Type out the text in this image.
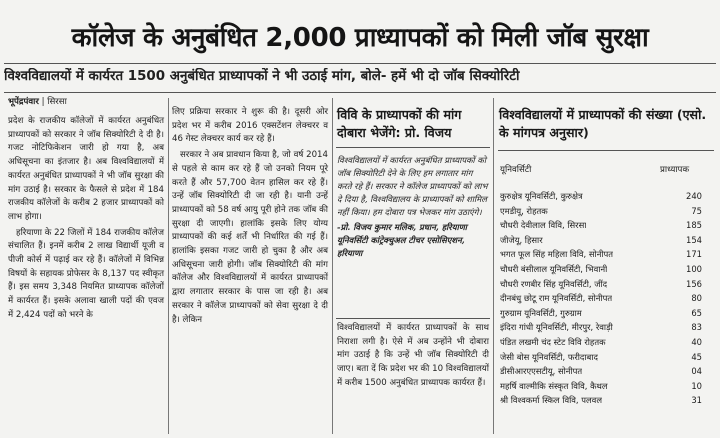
कॉलेज के अनुबंधित 2,000 प्राध्यापकों को मिली जॉब सुरक्षा
विश्वविद्यालयों में कार्यरत 1500 अनुबंधित प्राध्यापकों ने भी उठाई मांग, बोले- हमें भी दो जॉब सिक्योरिटी
भूपेंद्रपंवार | सिरसा

प्रदेश के राजकीय कॉलेजों में कार्यरत अनुबंधित प्राध्यापकों को सरकार ने जॉब सिक्योरिटी दे दी है। गजट नोटिफिकेशन जारी हो गया है, अब अधिसूचना का इंतजार है। अब विश्वविद्यालयों में कार्यरत अनुबंधित प्राध्यापकों ने भी जॉब सुरक्षा की मांग उठाई है। सरकार के फैसले से प्रदेश में 184 राजकीय कॉलेजों के करीब 2 हजार प्राध्यापकों को लाभ होगा।

हरियाणा के 22 जिलों में 184 राजकीय कॉलेज संचालित हैं। इनमें करीब 2 लाख विद्यार्थी यूजी व पीजी कोर्स में पढ़ाई कर रहे हैं। कॉलेजों में विभिन्न विषयों के सहायक प्रोफेसर के 8,137 पद स्वीकृत हैं। इस समय 3,348 नियमित प्राध्यापक कॉलेजों में कार्यरत हैं। इसके अलावा खाली पदों की एवज में 2,424 पदों को भरने के

लिए प्रक्रिया सरकार ने शुरू की है। दूसरी ओर प्रदेश भर में करीब 2016 एक्सटेंशन लेक्चरर व 46 गेस्ट लेक्चरर कार्य कर रहे हैं।

सरकार ने अब प्रावधान किया है, जो वर्ष 2014 से पहले से काम कर रहे हैं जो उनको नियम पूरे करते हैं और 57,700 वेतन हासिल कर रहे हैं। उन्हें जॉब सिक्योरिटी दी जा रही है। यानी उन्हें प्राध्यापकों को 58 वर्ष आयु पूरी होने तक जॉब की सुरक्षा दी जाएगी। हालांकि इसके लिए योग्य प्राध्यापकों की कई शर्तें भी निर्धारित की गई हैं। हालांकि इसका गजट जारी हो चुका है और अब अधिसूचना जारी होगी। जॉब सिक्योरिटी की मांग कॉलेज और विश्वविद्यालयों में कार्यरत प्राध्यापकों द्वारा लगातार सरकार के पास जा रही है। अब सरकार ने कॉलेज प्राध्यापकों को सेवा सुरक्षा दे दी है। लेकिन

विवि के प्राध्यापकों की मांग दोबारा भेजेंगे: प्रो. विजय
विश्वविद्यालयों में कार्यरत अनुबंधित प्राध्यापकों को जॉब सिक्योरिटी देने के लिए हम लगातार मांग करते रहे हैं। सरकार ने कॉलेज प्राध्यापकों को लाभ दे दिया है, विश्वविद्यालय के प्राध्यापकों को शामिल नहीं किया। हम दोबारा पत्र भेजकर मांग उठाएंगे।
-प्रो. विजय कुमार मलिक, प्रधान, हरियाणा यूनिवर्सिटी कांट्रेक्चुअल टीचर एसोसिएशन, हरियाणा

विश्वविद्यालयों में कार्यरत प्राध्यापकों के साथ निराशा लगी है। ऐसे में अब उन्होंने भी दोबारा मांग उठाई है कि उन्हें भी जॉब सिक्योरिटी दी जाए। बता दें कि प्रदेश भर की 10 विश्वविद्यालयों में करीब 1500 अनुबंधित प्राध्यापक कार्यरत हैं।

विश्वविद्यालयों में प्राध्यापकों की संख्या (एसो. के मांगपत्र अनुसार)
यूनिवर्सिटी	प्राध्यापक
कुरुक्षेत्र यूनिवर्सिटी, कुरुक्षेत्र	240
एमडीयू, रोहतक	75
चौधरी देवीलाल विवि, सिरसा	185
जीजेयू, हिसार	154
भगत फूल सिंह महिला विवि, सोनीपत	171
चौधरी बंसीलाल यूनिवर्सिटी, भिवानी	100
चौधरी रणबीर सिंह यूनिवर्सिटी, जींद	156
दीनबंधु छोटू राम यूनिवर्सिटी, सोनीपत	80
गुरुग्राम यूनिवर्सिटी, गुरुग्राम	65
इंदिरा गांधी यूनिवर्सिटी, मीरपुर, रेवाड़ी	83
पंडित लखमी चंद स्टेट विवि रोहतक	40
जेसी बोस यूनिवर्सिटी, फरीदाबाद	45
डीसीआरएएसटीयू, सोनीपत	04
महर्षि वाल्मीकि संस्कृत विवि, कैथल	10
श्री विश्वकर्मा स्किल विवि, पलवल	31
